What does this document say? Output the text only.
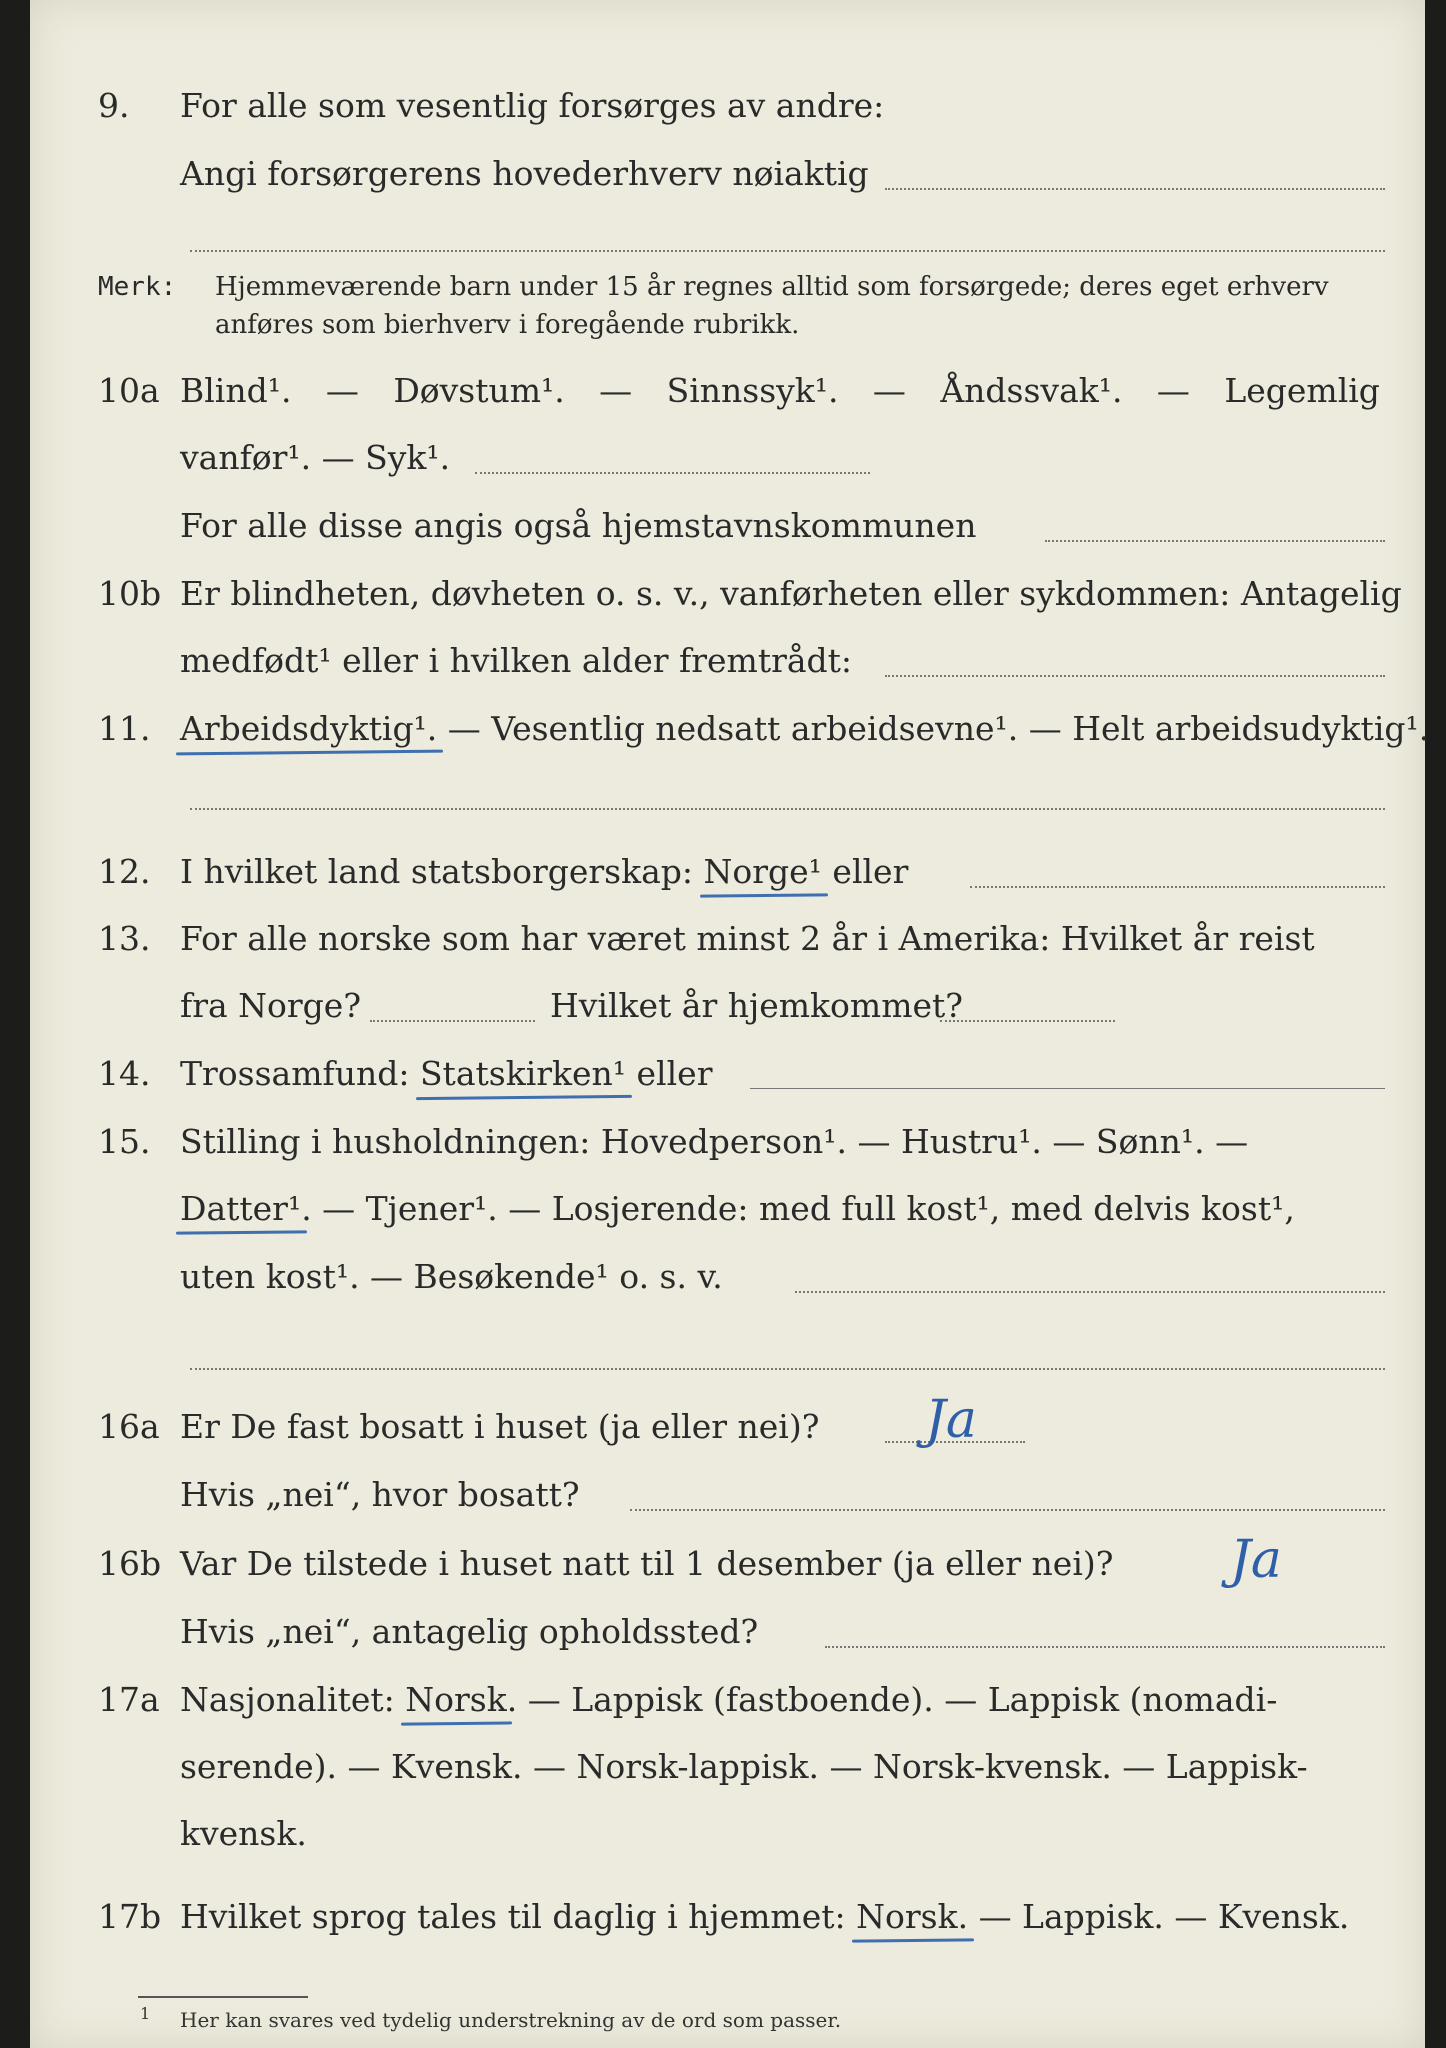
9. For alle som vesentlig forsørges av andre:
Angi forsørgerens hovederhverv nøiaktig
Merk: Hjemmeværende barn under 15 år regnes alltid som forsørgede; deres eget erhverv
anføres som bierhverv i foregående rubrikk.
10a Blind¹. — Døvstum¹. — Sinnssyk¹. — Åndssvak¹. — Legemlig
vanfør¹. — Syk¹.
For alle disse angis også hjemstavnskommunen
10b Er blindheten, døvheten o. s. v., vanførheten eller sykdommen: Antagelig
medfødt¹ eller i hvilken alder fremtrådt:
11. Arbeidsdyktig¹. — Vesentlig nedsatt arbeidsevne¹. — Helt arbeidsudyktig¹.
12. I hvilket land statsborgerskap: Norge¹ eller
13. For alle norske som har været minst 2 år i Amerika: Hvilket år reist
fra Norge?	Hvilket år hjemkommet?
14. Trossamfund: Statskirken¹ eller
15. Stilling i husholdningen: Hovedperson¹. — Hustru¹. — Sønn¹. —
Datter¹. — Tjener¹. — Losjerende: med full kost¹, med delvis kost¹,
uten kost¹. — Besøkende¹ o. s. v.
16a Er De fast bosatt i huset (ja eller nei)? Ja
Hvis „nei“, hvor bosatt?
16b Var De tilstede i huset natt til 1 desember (ja eller nei)? Ja
Hvis „nei“, antagelig opholdssted?
17a Nasjonalitet: Norsk. — Lappisk (fastboende). — Lappisk (nomadi-
serende). — Kvensk. — Norsk-lappisk. — Norsk-kvensk. — Lappisk-
kvensk.
17b Hvilket sprog tales til daglig i hjemmet: Norsk. — Lappisk. — Kvensk.
1 Her kan svares ved tydelig understrekning av de ord som passer.
